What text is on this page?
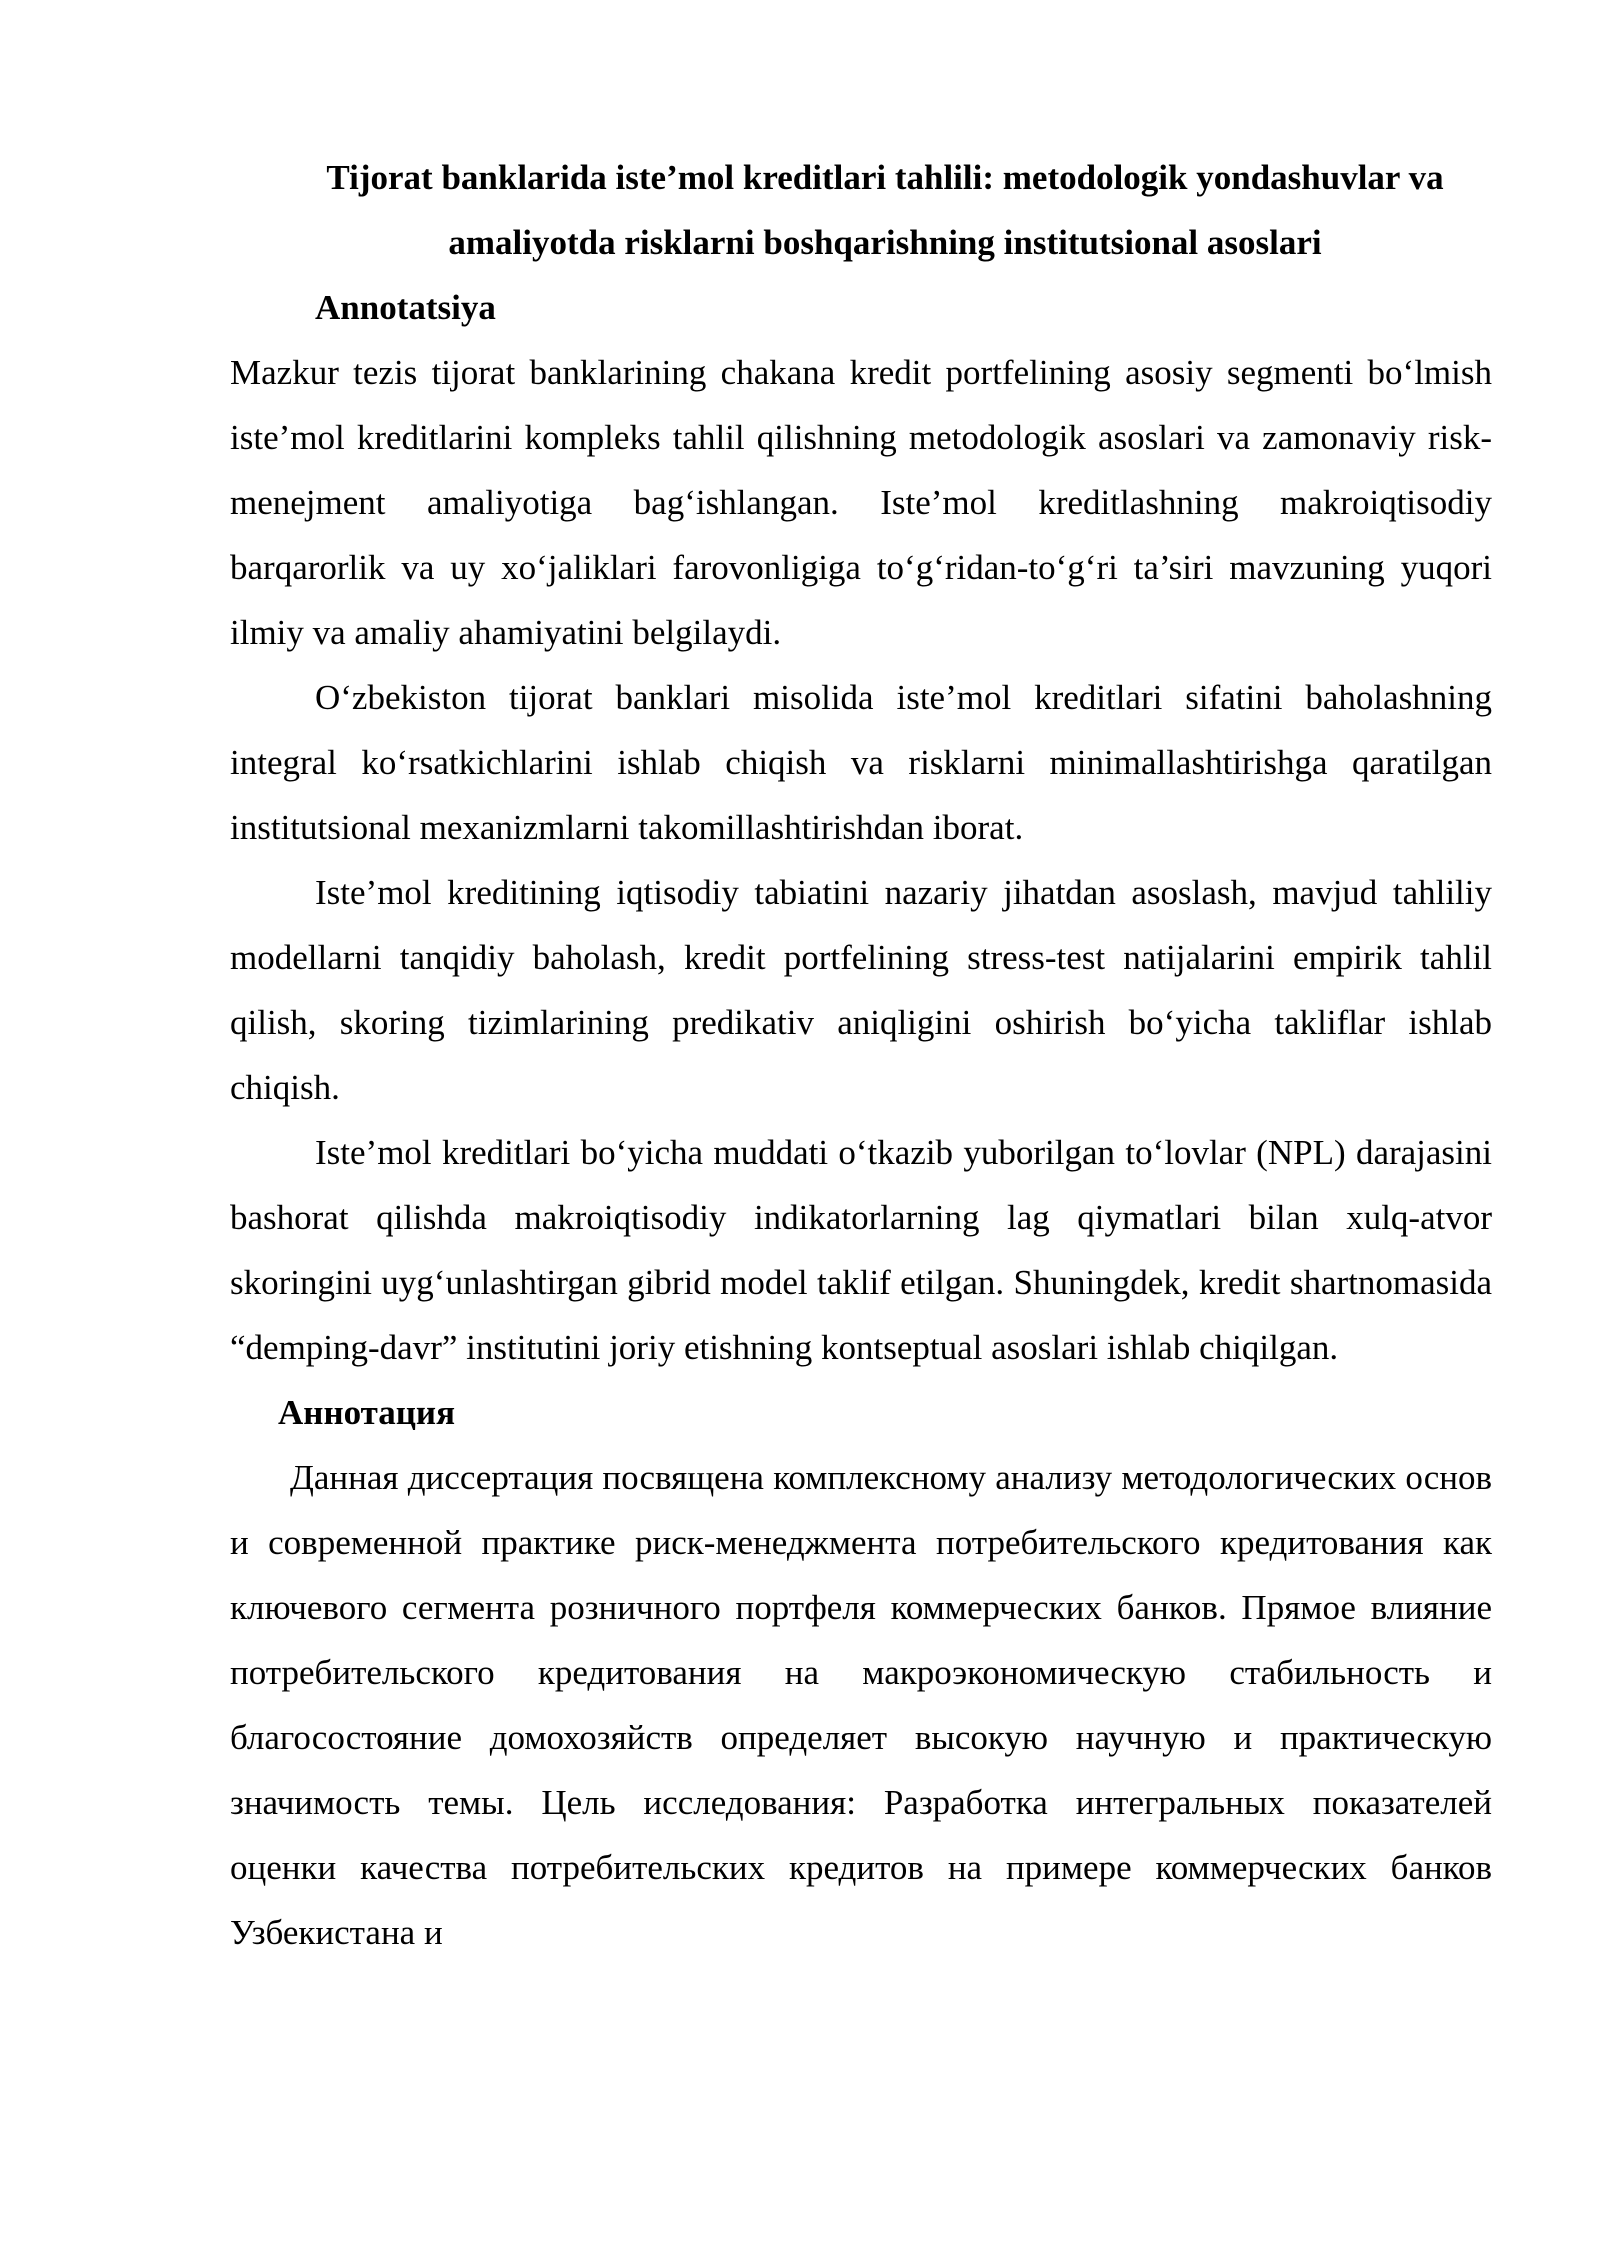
Tijorat banklarida iste’mol kreditlari tahlili: metodologik yondashuvlar va amaliyotda risklarni boshqarishning institutsional asoslari

Annotatsiya

Mazkur tezis tijorat banklarining chakana kredit portfelining asosiy segmenti bo‘lmish iste’mol kreditlarini kompleks tahlil qilishning metodologik asoslari va zamonaviy risk-menejment amaliyotiga bag‘ishlangan. Iste’mol kreditlashning makroiqtisodiy barqarorlik va uy xo‘jaliklari farovonligiga to‘g‘ridan-to‘g‘ri ta’siri mavzuning yuqori ilmiy va amaliy ahamiyatini belgilaydi.

O‘zbekiston tijorat banklari misolida iste’mol kreditlari sifatini baholashning integral ko‘rsatkichlarini ishlab chiqish va risklarni minimallashtirishga qaratilgan institutsional mexanizmlarni takomillashtirishdan iborat.

Iste’mol kreditining iqtisodiy tabiatini nazariy jihatdan asoslash, mavjud tahliliy modellarni tanqidiy baholash, kredit portfelining stress-test natijalarini empirik tahlil qilish, skoring tizimlarining predikativ aniqligini oshirish bo‘yicha takliflar ishlab chiqish.

Iste’mol kreditlari bo‘yicha muddati o‘tkazib yuborilgan to‘lovlar (NPL) darajasini bashorat qilishda makroiqtisodiy indikatorlarning lag qiymatlari bilan xulq-atvor skoringini uyg‘unlashtirgan gibrid model taklif etilgan. Shuningdek, kredit shartnomasida “demping-davr” institutini joriy etishning kontseptual asoslari ishlab chiqilgan.

Аннотация

Данная диссертация посвящена комплексному анализу методологических основ и современной практике риск-менеджмента потребительского кредитования как ключевого сегмента розничного портфеля коммерческих банков. Прямое влияние потребительского кредитования на макроэкономическую стабильность и благосостояние домохозяйств определяет высокую научную и практическую значимость темы. Цель исследования: Разработка интегральных показателей оценки качества потребительских кредитов на примере коммерческих банков Узбекистана и
